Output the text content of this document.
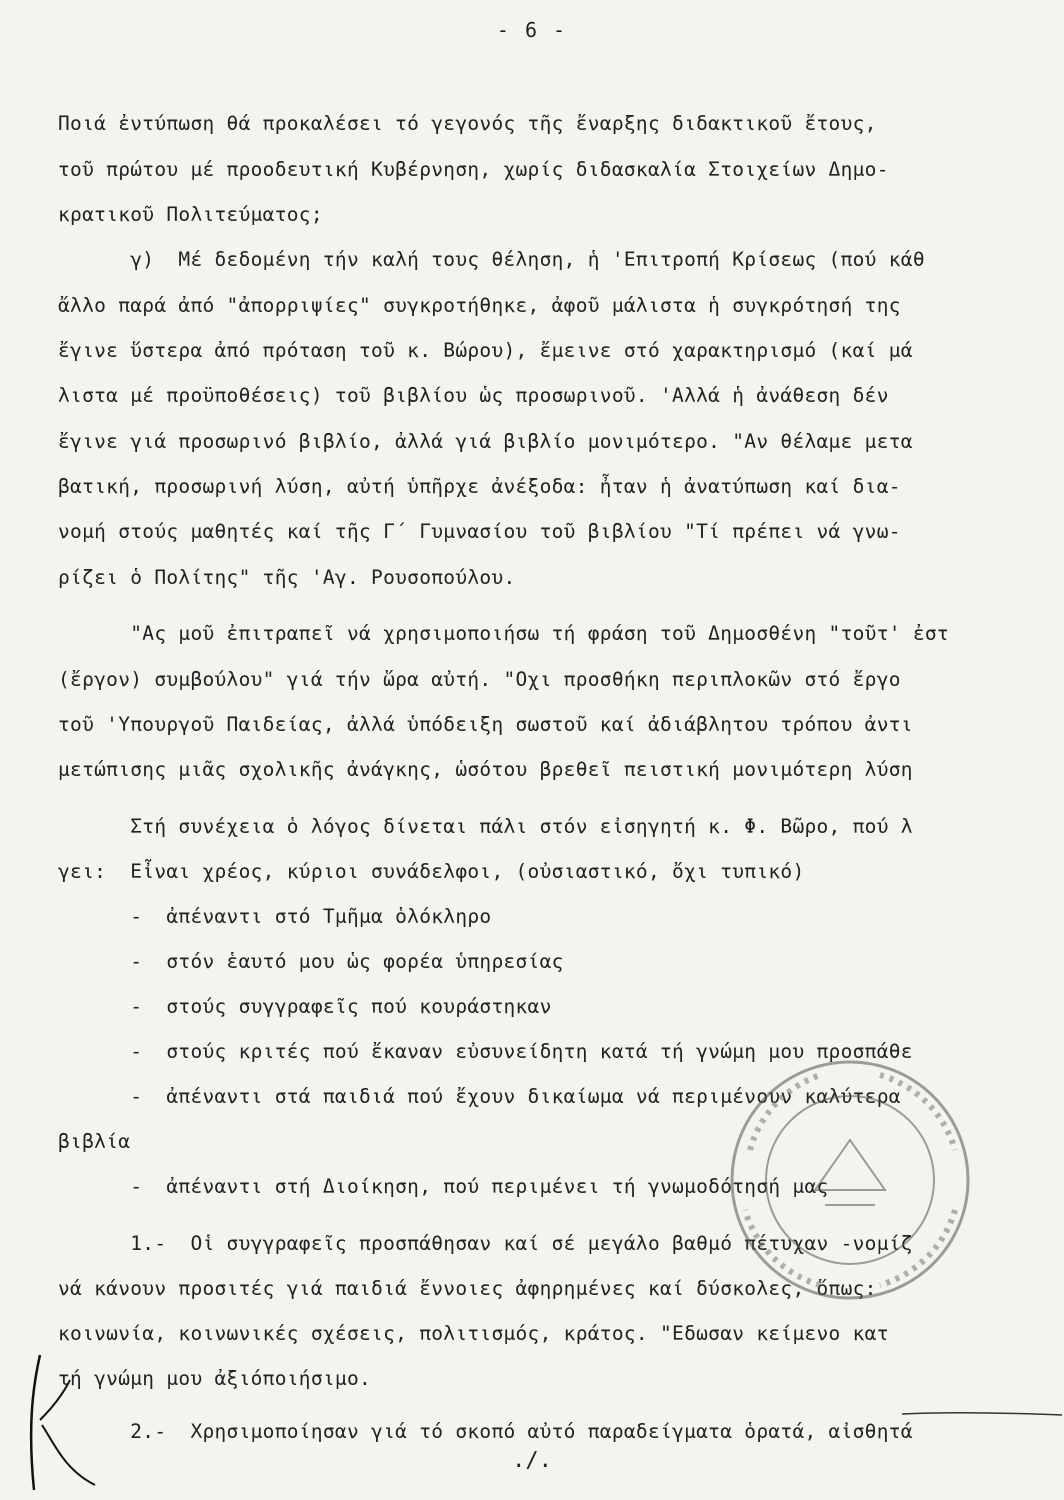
- 6 -
Ποιά ἐντύπωση θά προκαλέσει τό γεγονός τῆς ἔναρξης διδακτικοῦ ἔτους,
τοῦ πρώτου μέ προοδευτική Κυβέρνηση, χωρίς διδασκαλία Στοιχείων Δημο-
κρατικοῦ Πολιτεύματος;
γ)  Μέ δεδομένη τήν καλή τους θέληση, ἡ 'Επιτροπή Κρίσεως (πού κάθ
ἄλλο παρά ἀπό "ἀπορριψίες" συγκροτήθηκε, ἀφοῦ μάλιστα ἡ συγκρότησή της
ἔγινε ὕστερα ἀπό πρόταση τοῦ κ. Βώρου), ἔμεινε στό χαρακτηρισμό (καί μά
λιστα μέ προϋποθέσεις) τοῦ βιβλίου ὡς προσωρινοῦ. 'Αλλά ἡ ἀνάθεση δέν
ἔγινε γιά προσωρινό βιβλίο, ἀλλά γιά βιβλίο μονιμότερο. "Αν θέλαμε μετα
βατική, προσωρινή λύση, αὐτή ὑπῆρχε ἀνέξοδα: ἦταν ἡ ἀνατύπωση καί δια-
νομή στούς μαθητές καί τῆς Γ΄ Γυμνασίου τοῦ βιβλίου "Τί πρέπει νά γνω-
ρίζει ὁ Πολίτης" τῆς 'Αγ. Ρουσοπούλου.
"Ας μοῦ ἐπιτραπεῖ νά χρησιμοποιήσω τή φράση τοῦ Δημοσθένη "τοῦτ' ἐστ
(ἔργον) συμβούλου" γιά τήν ὥρα αὐτή. "Οχι προσθήκη περιπλοκῶν στό ἔργο
τοῦ 'Υπουργοῦ Παιδείας, ἀλλά ὑπόδειξη σωστοῦ καί ἀδιάβλητου τρόπου ἀντι
μετώπισης μιᾶς σχολικῆς ἀνάγκης, ὡσότου βρεθεῖ πειστική μονιμότερη λύση
Στή συνέχεια ὁ λόγος δίνεται πάλι στόν εἰσηγητή κ. Φ. Βῶρο, πού λ
γει:  Εἶναι χρέος, κύριοι συνάδελφοι, (οὐσιαστικό, ὄχι τυπικό)
-  ἀπέναντι στό Τμῆμα ὁλόκληρο
-  στόν ἑαυτό μου ὡς φορέα ὑπηρεσίας
-  στούς συγγραφεῖς πού κουράστηκαν
-  στούς κριτές πού ἔκαναν εὐσυνείδητη κατά τή γνώμη μου προσπάθε
-  ἀπέναντι στά παιδιά πού ἔχουν δικαίωμα νά περιμένουν καλύτερα
βιβλία
-  ἀπέναντι στή Διοίκηση, πού περιμένει τή γνωμοδότησή μας
1.-  Οἱ συγγραφεῖς προσπάθησαν καί σέ μεγάλο βαθμό πέτυχαν -νομίζ
νά κάνουν προσιτές γιά παιδιά ἔννοιες ἀφηρημένες καί δύσκολες, ὅπως:
κοινωνία, κοινωνικές σχέσεις, πολιτισμός, κράτος. "Εδωσαν κείμενο κατ
τή γνώμη μου ἀξιόποιήσιμο.
2.-  Χρησιμοποίησαν γιά τό σκοπό αὐτό παραδείγματα ὁρατά, αἰσθητά
.∕.
